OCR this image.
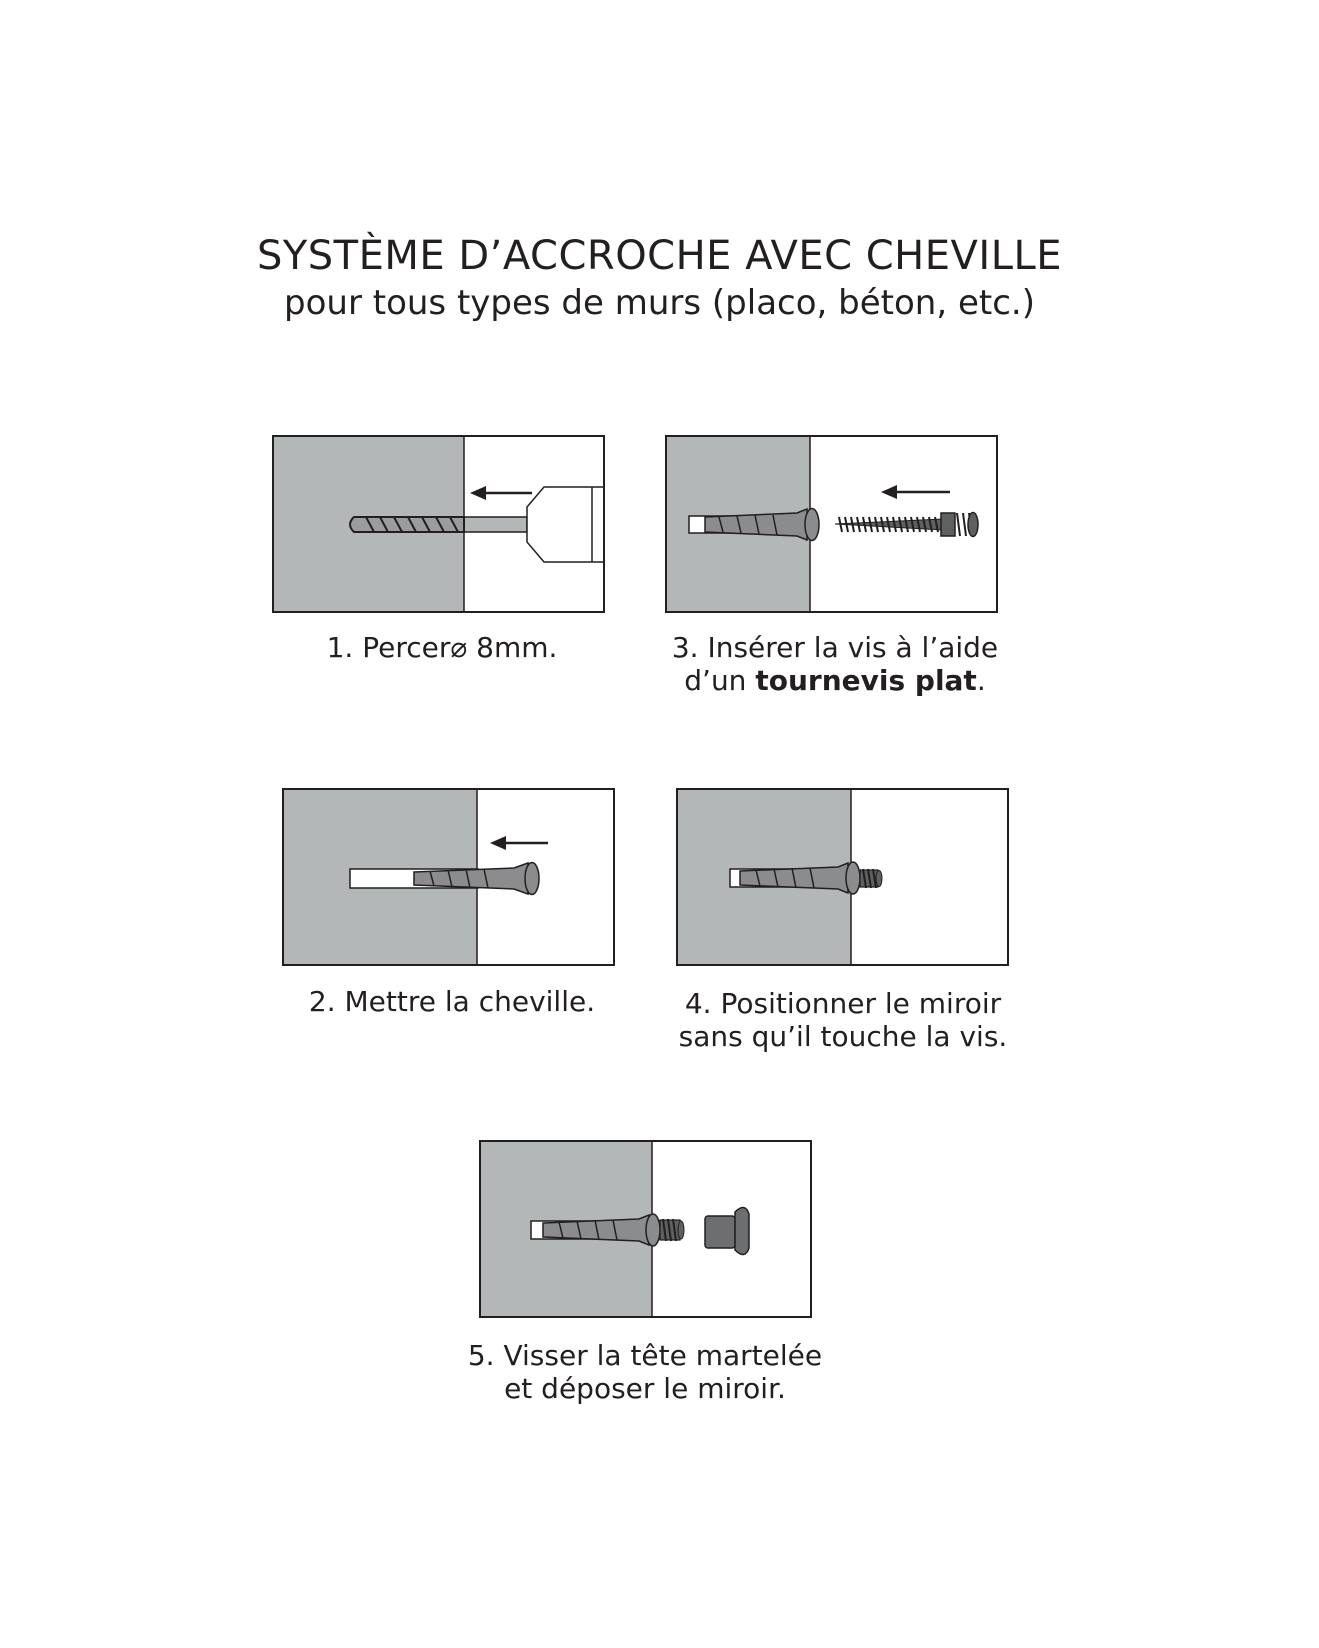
SYSTÈME D’ACCROCHE AVEC CHEVILLE
pour tous types de murs (placo, béton, etc.)
1. Percer⌀ 8mm.	3. Insérer la vis à l’aide
d’un tournevis plat.
2. Mettre la cheville.	4. Positionner le miroir
sans qu’il touche la vis.
5. Visser la tête martelée
et déposer le miroir.
